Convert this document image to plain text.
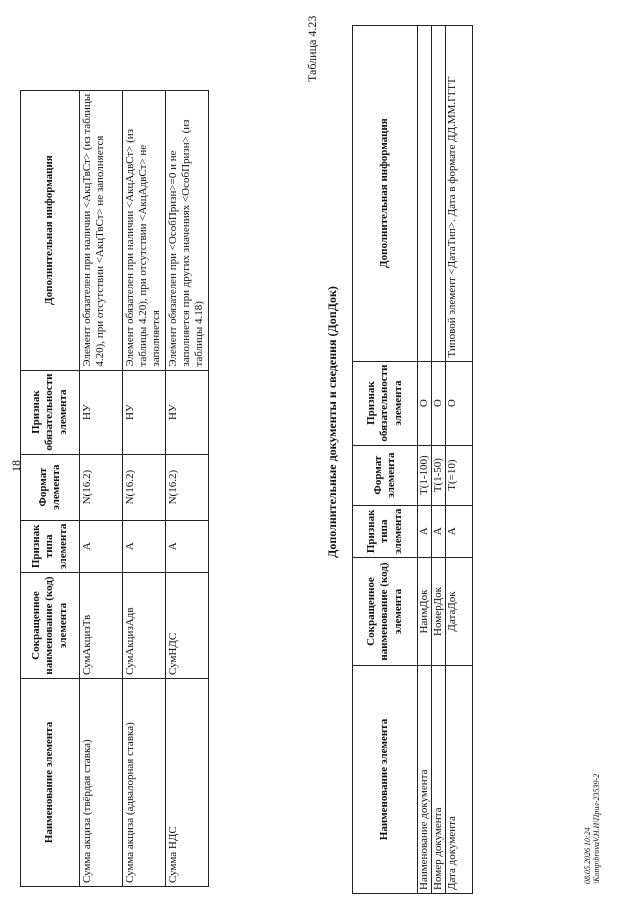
18
Наименование элемента	Сокращенное наименование (код) элемента	Признак типа элемента	Формат элемента	Признак обязательности элемента	Дополнительная информация
Сумма акциза (твёрдая ставка)	СумАкцизТв	А	N(16.2)	НУ	Элемент обязателен при наличии <АкцТвСт> (из таблицы 4.20), при отсутствии <АкцТвСт> не заполняется
Сумма акциза (адвалорная ставка)	СумАкцизАдв	А	N(16.2)	НУ	Элемент обязателен при наличии <АкцАдвСт> (из таблицы 4.20), при отсутствии <АкцАдвСт> не заполняется
Сумма НДС	СумНДС	А	N(16.2)	НУ	Элемент обязателен при <ОсобПризн>=0 и не заполняется при других значениях <ОсобПризн> (из таблицы 4.18)
Таблица 4.23
Дополнительные документы и сведения (ДопДок)
Наименование элемента	Сокращенное наименование (код) элемента	Признак типа элемента	Формат элемента	Признак обязательности элемента	Дополнительная информация
Наименование документа	НаимДок	А	T(1-100)	О	
Номер документа	НомерДок	А	T(1-50)	О	
Дата документа	ДатаДок	А	T(=10)	О	Типовой элемент <ДатаТип>. Дата в формате ДД.ММ.ГГГГ
08.05.2026 10:24 \Komp\brovaV.H.И\Прил-23539-2
